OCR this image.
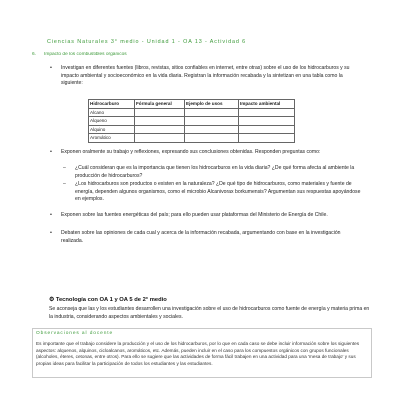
Ciencias Naturales 3° medio - Unidad 1 - OA 13 - Actividad 6
6. Impacto de los combustibles orgánicos
• Investigan en diferentes fuentes (libros, revistas, sitios confiables en internet, entre otras) sobre el uso de los hidrocarburos y su impacto ambiental y socioeconómico en la vida diaria. Registran la información recabada y la sintetizan en una tabla como la siguiente:
Hidrocarburo	Fórmula general	Ejemplo de usos	Impacto ambiental
Alcano			
Alqueno			
Alquino			
Aromático			
• Exponen oralmente su trabajo y reflexiones, expresando sus conclusiones obtenidas. Responden preguntas como:
– ¿Cuál consideran que es la importancia que tienen los hidrocarburos en la vida diaria? ¿De qué forma afecta al ambiente la producción de hidrocarburos?
– ¿Los hidrocarburos son productos o existen en la naturaleza? ¿De qué tipo de hidrocarburos, como materiales y fuente de energía, dependen algunos organismos, como el microbio Alcanivorax borkumensis? Argumentan sus respuestas apoyándose en ejemplos.
• Exponen sobre las fuentes energéticas del país; para ello pueden usar plataformas del Ministerio de Energía de Chile.
• Debaten sobre las opiniones de cada cual y acerca de la información recabada, argumentando con base en la investigación realizada.
⚙ Tecnología con OA 1 y OA 5 de 2° medio
Se aconseja que las y los estudiantes desarrollen una investigación sobre el uso de hidrocarburos como fuente de energía y materia prima en la industria, considerando aspectos ambientales y sociales.
Observaciones al docente
Es importante que el trabajo considere la producción y el uso de los hidrocarburos, por lo que en cada caso se debe incluir información sobre los siguientes aspectos: alquenos, alquinos, cicloalcanos, aromáticos, etc. Además, pueden incluir en el caso para los compuestos orgánicos con grupos funcionales (alcoholes, éteres, cetonas, entre otros). Para ello se sugiere que las actividades de forma fácil trabajen en una actividad para una 'mesa de trabajo' y sus propias ideas para facilitar la participación de todos los estudiantes y las estudiantes.
